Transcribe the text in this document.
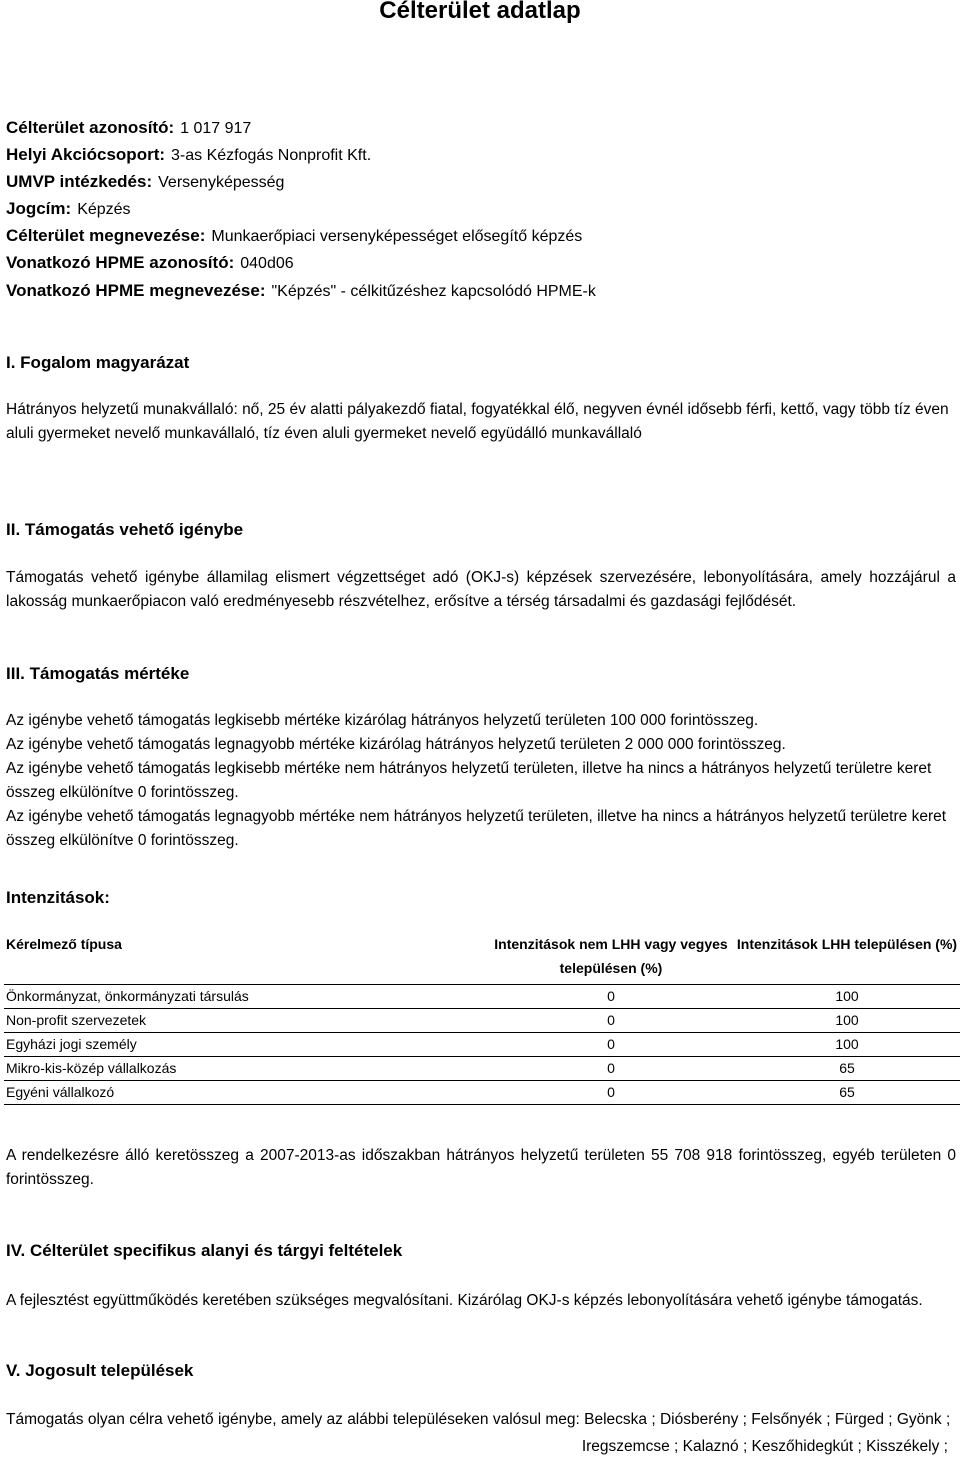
Célterület adatlap
Célterület azonosító: 1 017 917
Helyi Akciócsoport: 3-as Kézfogás Nonprofit Kft.
UMVP intézkedés: Versenyképesség
Jogcím: Képzés
Célterület megnevezése: Munkaerőpiaci versenyképességet elősegítő képzés
Vonatkozó HPME azonosító: 040d06
Vonatkozó HPME megnevezése: "Képzés" - célkitűzéshez kapcsolódó HPME-k
I. Fogalom magyarázat
Hátrányos helyzetű munakvállaló: nő, 25 év alatti pályakezdő fiatal, fogyatékkal élő, negyven évnél idősebb férfi, kettő, vagy több tíz éven aluli gyermeket nevelő munkavállaló, tíz éven aluli gyermeket nevelő együdálló munkavállaló
II. Támogatás vehető igénybe
Támogatás vehető igénybe államilag elismert végzettséget adó (OKJ-s) képzések szervezésére, lebonyolítására, amely hozzájárul a lakosság munkaerőpiacon való eredményesebb részvételhez, erősítve a térség társadalmi és gazdasági fejlődését.
III. Támogatás mértéke
Az igénybe vehető támogatás legkisebb mértéke kizárólag hátrányos helyzetű területen 100 000 forintösszeg.
Az igénybe vehető támogatás legnagyobb mértéke kizárólag hátrányos helyzetű területen 2 000 000 forintösszeg.
Az igénybe vehető támogatás legkisebb mértéke nem hátrányos helyzetű területen, illetve ha nincs a hátrányos helyzetű területre keret összeg elkülönítve 0 forintösszeg.
Az igénybe vehető támogatás legnagyobb mértéke nem hátrányos helyzetű területen, illetve ha nincs a hátrányos helyzetű területre keret összeg elkülönítve 0 forintösszeg.
Intenzitások:
Kérelmező típusa	Intenzitások nem LHH vagy vegyes településen (%)	Intenzitások LHH településen (%)
Önkormányzat, önkormányzati társulás	0	100
Non-profit szervezetek	0	100
Egyházi jogi személy	0	100
Mikro-kis-közép vállalkozás	0	65
Egyéni vállalkozó	0	65
A rendelkezésre álló keretösszeg a 2007-2013-as időszakban hátrányos helyzetű területen 55 708 918 forintösszeg, egyéb területen 0 forintösszeg.
IV. Célterület specifikus alanyi és tárgyi feltételek
A fejlesztést együttműködés keretében szükséges megvalósítani. Kizárólag OKJ-s képzés lebonyolítására vehető igénybe támogatás.
V. Jogosult települések
Támogatás olyan célra vehető igénybe, amely az alábbi településeken valósul meg: Belecska ; Diósberény ; Felsőnyék ; Fürged ; Gyönk ;
Iregszemcse ; Kalaznó ; Keszőhidegkút ; Kisszékely ;
